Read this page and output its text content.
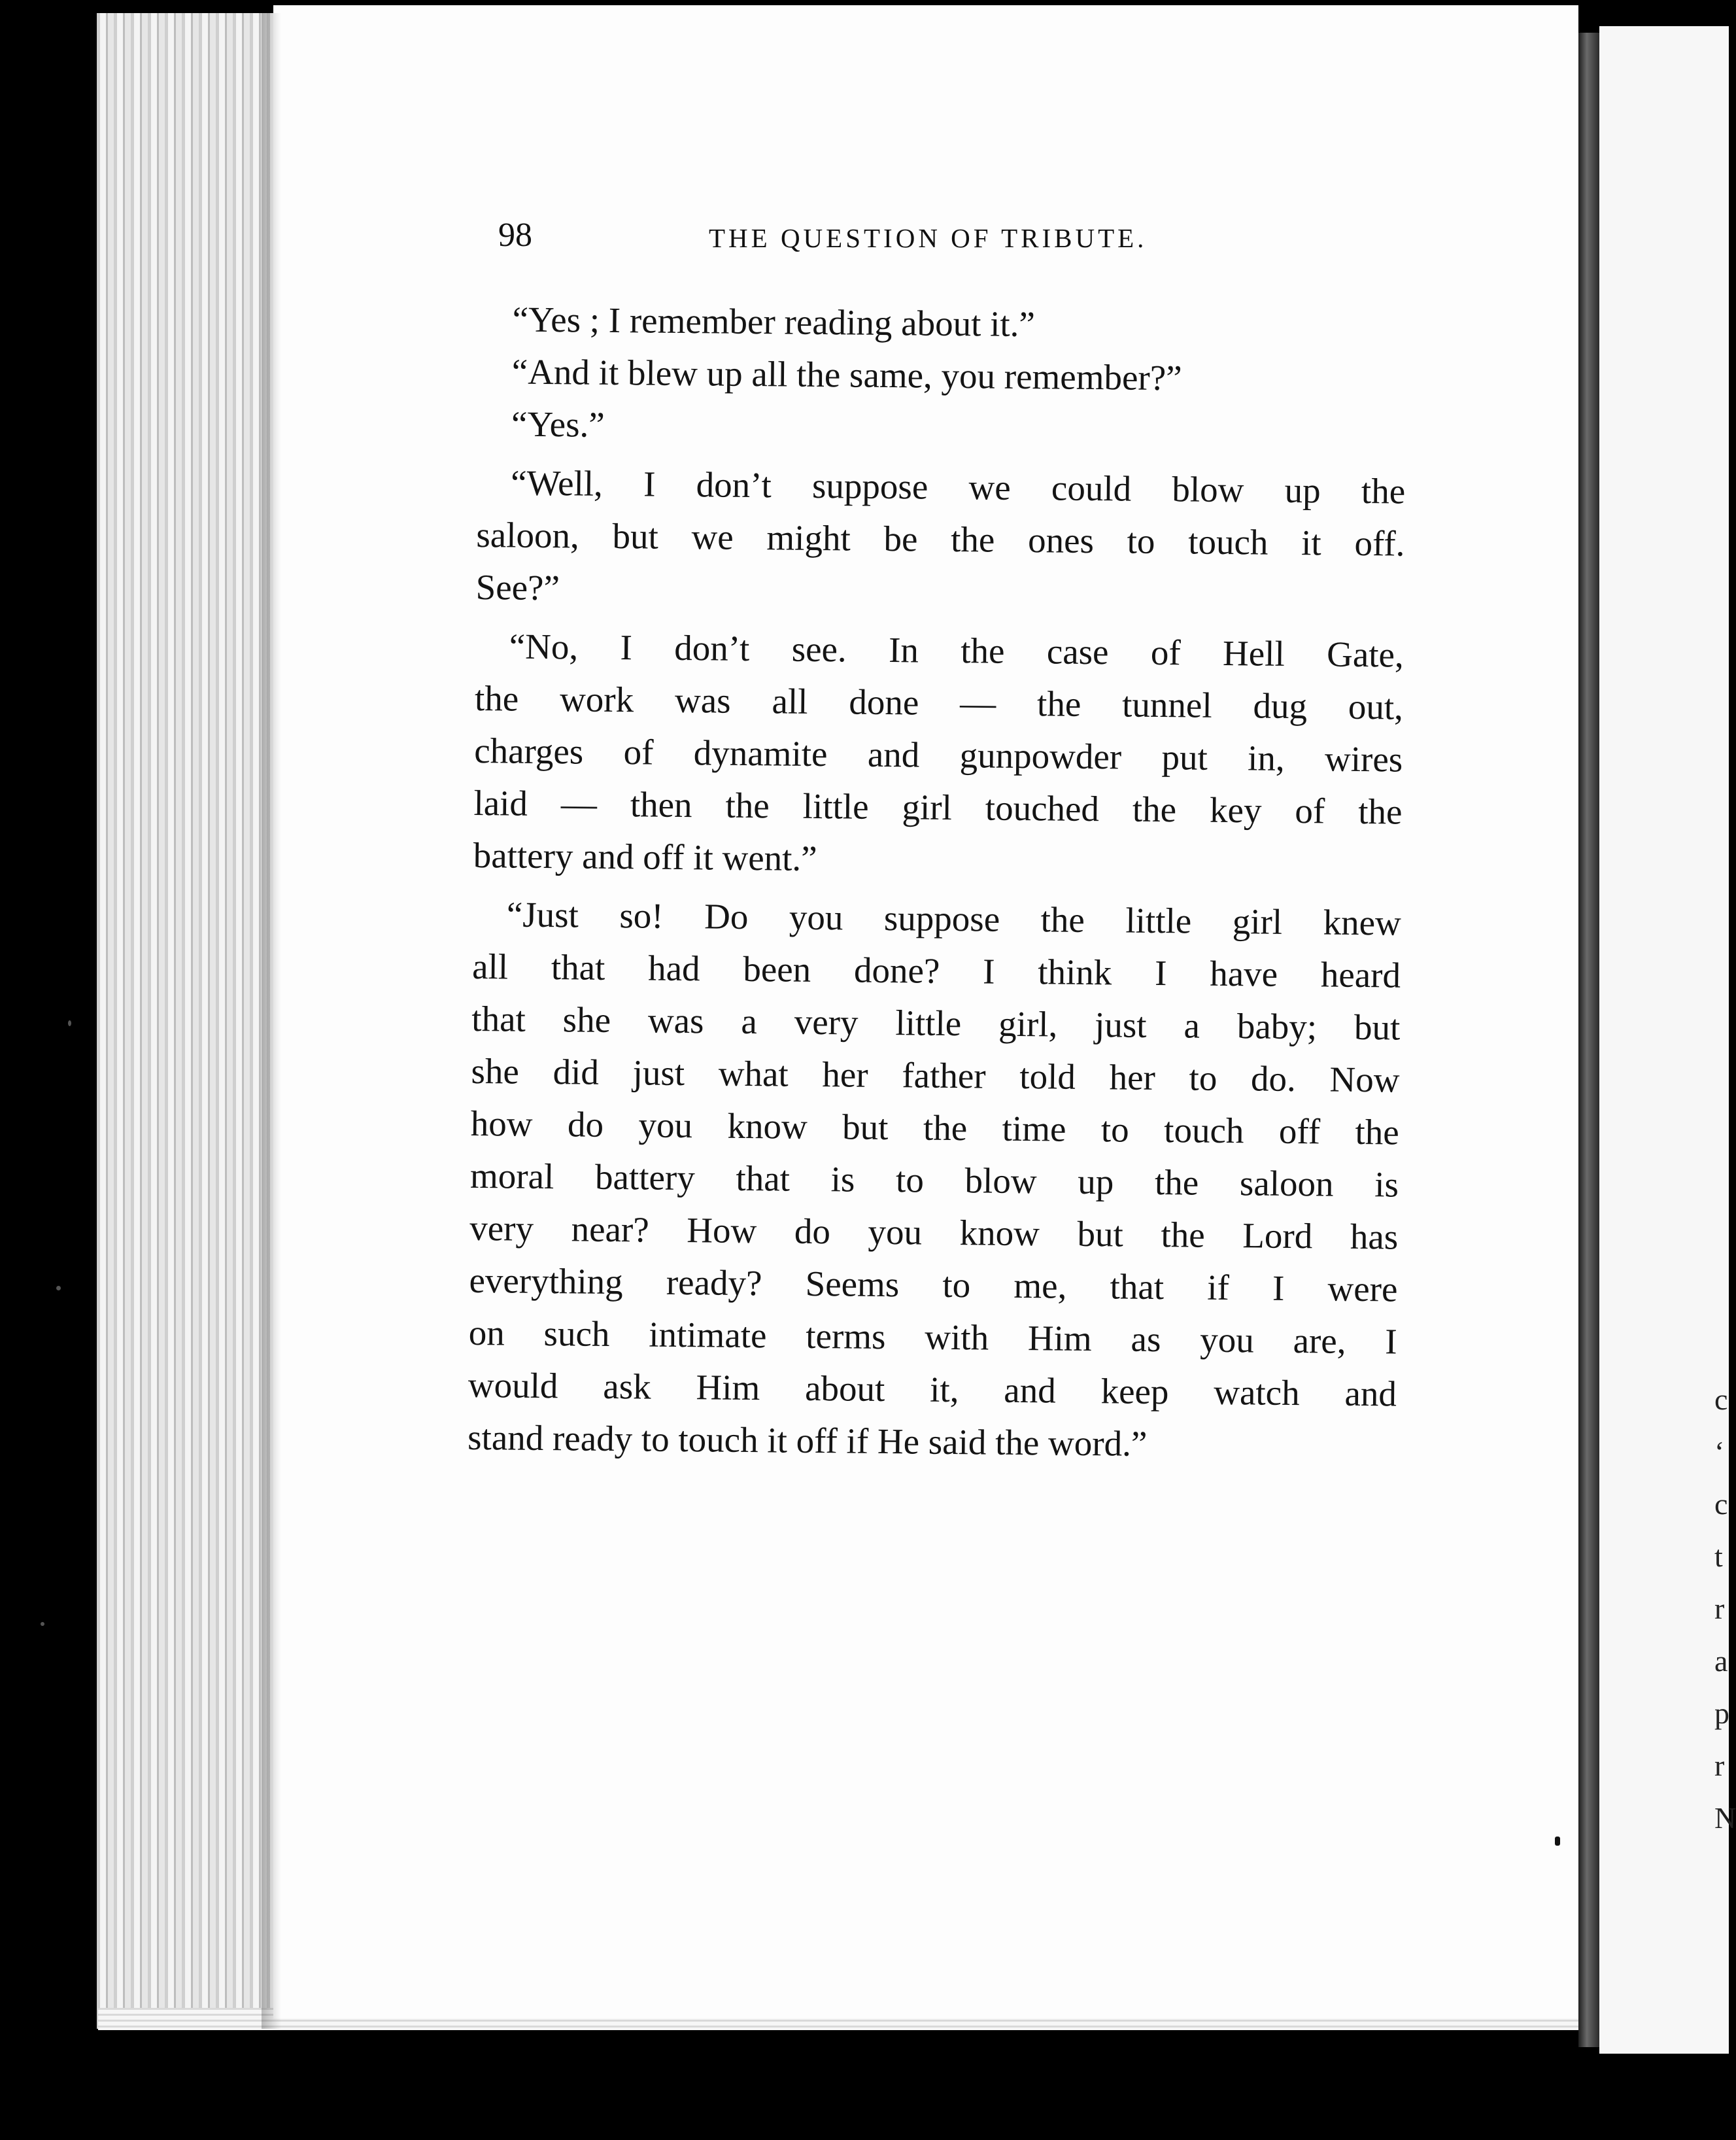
c
‘
c
t
r
a
p
r
N
98	THE QUESTION OF TRIBUTE.
“Yes ; I remember reading about it.”
“And it blew up all the same, you remember?”
“Yes.”
“Well, I don’t suppose we could blow up the
saloon, but we might be the ones to touch it off.
See?”
“No, I don’t see. In the case of Hell Gate,
the work was all done — the tunnel dug out,
charges of dynamite and gunpowder put in, wires
laid — then the little girl touched the key of the
battery and off it went.”
“Just so! Do you suppose the little girl knew
all that had been done? I think I have heard
that she was a very little girl, just a baby; but
she did just what her father told her to do. Now
how do you know but the time to touch off the
moral battery that is to blow up the saloon is
very near? How do you know but the Lord has
everything ready? Seems to me, that if I were
on such intimate terms with Him as you are, I
would ask Him about it, and keep watch and
stand ready to touch it off if He said the word.”
